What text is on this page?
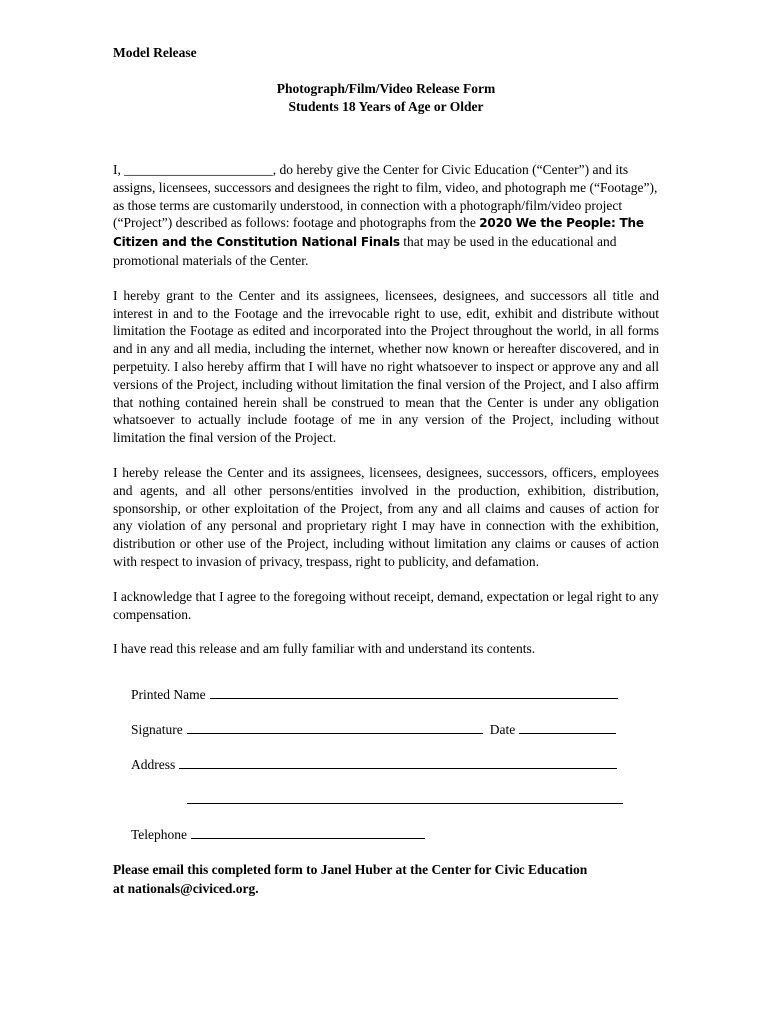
Model Release
Photograph/Film/Video Release Form
Students 18 Years of Age or Older

I, ______________________, do hereby give the Center for Civic Education (“Center”) and its assigns, licensees, successors and designees the right to film, video, and photograph me (“Footage”), as those terms are customarily understood, in connection with a photograph/film/video project (“Project”) described as follows: footage and photographs from the 2020 We the People: The Citizen and the Constitution National Finals that may be used in the educational and promotional materials of the Center.

I hereby grant to the Center and its assignees, licensees, designees, and successors all title and interest in and to the Footage and the irrevocable right to use, edit, exhibit and distribute without limitation the Footage as edited and incorporated into the Project throughout the world, in all forms and in any and all media, including the internet, whether now known or hereafter discovered, and in perpetuity. I also hereby affirm that I will have no right whatsoever to inspect or approve any and all versions of the Project, including without limitation the final version of the Project, and I also affirm that nothing contained herein shall be construed to mean that the Center is under any obligation whatsoever to actually include footage of me in any version of the Project, including without limitation the final version of the Project.

I hereby release the Center and its assignees, licensees, designees, successors, officers, employees and agents, and all other persons/entities involved in the production, exhibition, distribution, sponsorship, or other exploitation of the Project, from any and all claims and causes of action for any violation of any personal and proprietary right I may have in connection with the exhibition, distribution or other use of the Project, including without limitation any claims or causes of action with respect to invasion of privacy, trespass, right to publicity, and defamation.

I acknowledge that I agree to the foregoing without receipt, demand, expectation or legal right to any compensation.

I have read this release and am fully familiar with and understand its contents.

Printed Name
Signature	Date
Address
Telephone
Please email this completed form to Janel Huber at the Center for Civic Education
at nationals@civiced.org.
